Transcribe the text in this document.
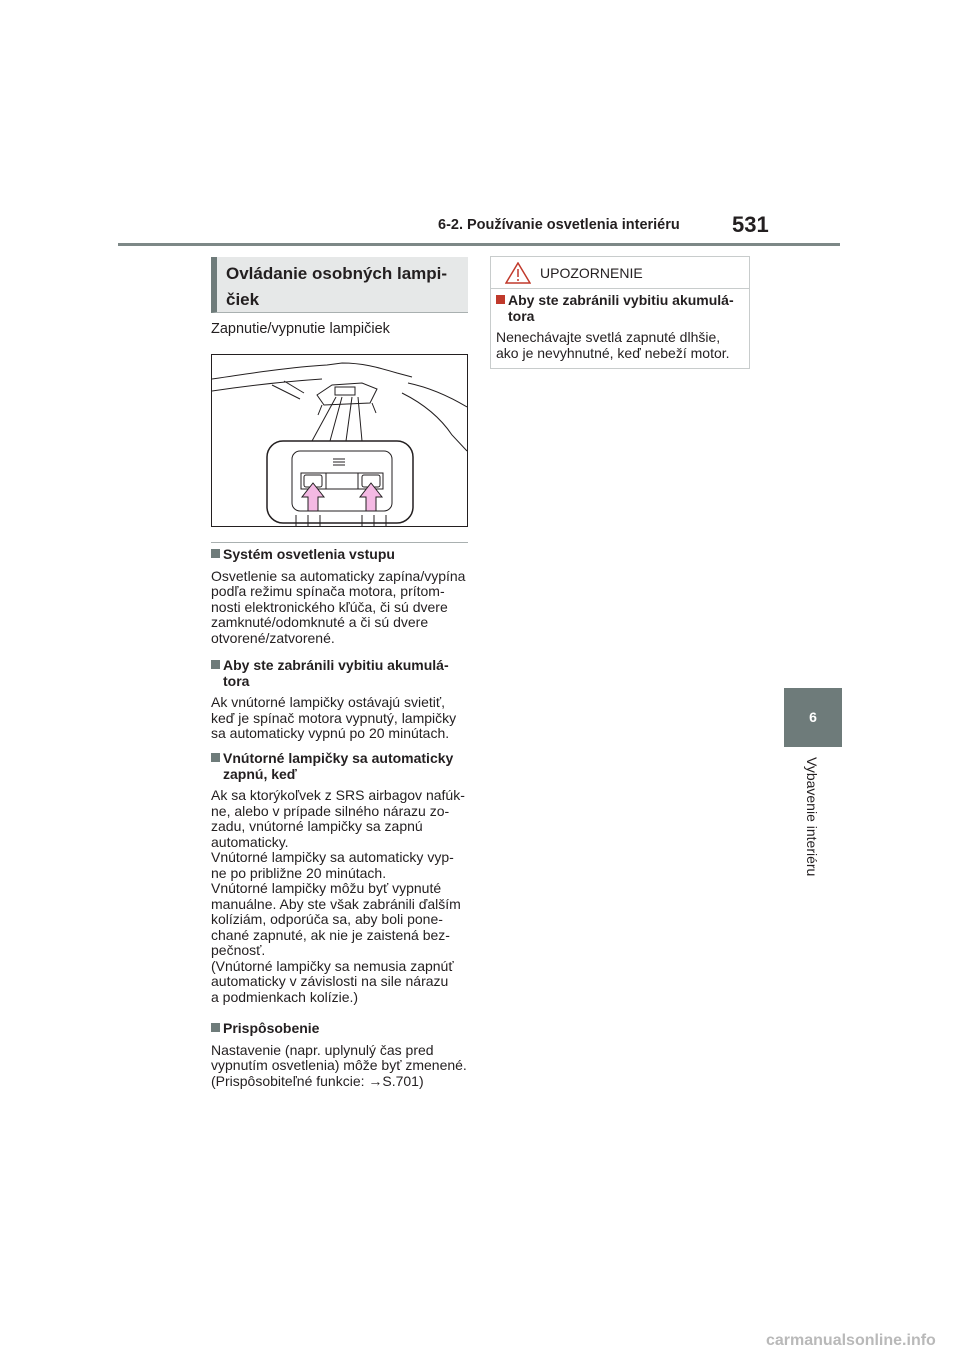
6-2. Používanie osvetlenia interiéru 531
6
Vybavenie interiéru
Ovládanie osobných lampi-
čiek
Zapnutie/vypnutie lampičiek
Systém osvetlenia vstupu
Osvetlenie sa automaticky zapína/vypína
podľa režimu spínača motora, prítom-
nosti elektronického kľúča, či sú dvere
zamknuté/odomknuté a či sú dvere
otvorené/zatvorené.
Aby ste zabránili vybitiu akumulá-
tora
Ak vnútorné lampičky ostávajú svietiť,
keď je spínač motora vypnutý, lampičky
sa automaticky vypnú po 20 minútach.
Vnútorné lampičky sa automaticky
zapnú, keď
Ak sa ktorýkoľvek z SRS airbagov nafúk-
ne, alebo v prípade silného nárazu zo-
zadu, vnútorné lampičky sa zapnú
automaticky.
Vnútorné lampičky sa automaticky vyp-
ne po približne 20 minútach.
Vnútorné lampičky môžu byť vypnuté
manuálne. Aby ste však zabránili ďalším
kolíziám, odporúča sa, aby boli pone-
chané zapnuté, ak nie je zaistená bez-
pečnosť.
(Vnútorné lampičky sa nemusia zapnúť
automaticky v závislosti na sile nárazu
a podmienkach kolízie.)
Prispôsobenie
Nastavenie (napr. uplynulý čas pred
vypnutím osvetlenia) môže byť zmenené.
(Prispôsobiteľné funkcie: →S.701)
UPOZORNENIE
Aby ste zabránili vybitiu akumulá-
tora
Nenechávajte svetlá zapnuté dlhšie,
ako je nevyhnutné, keď nebeží motor.
carmanualsonline.info
